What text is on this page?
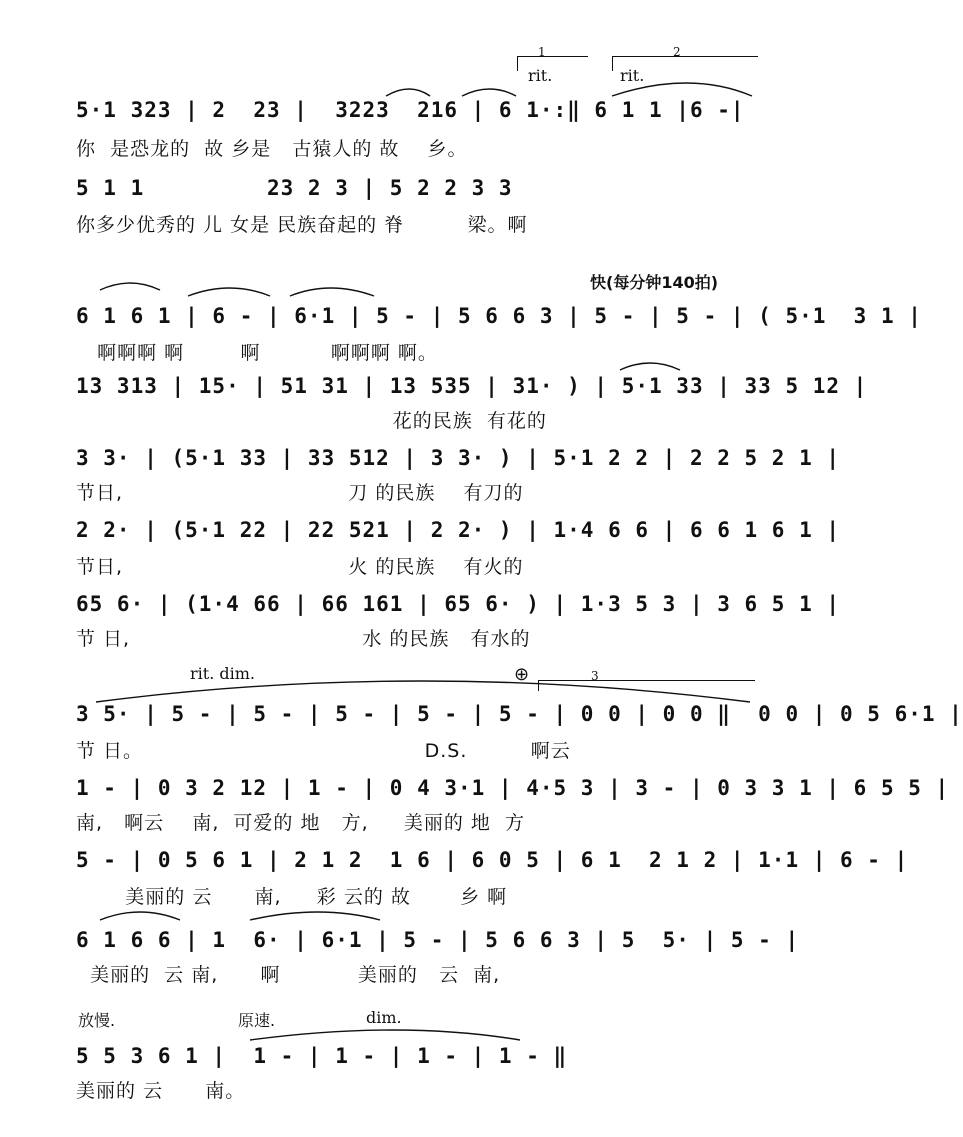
1	2
rit.	rit.
5·1 323 | 2  23 |  3223  216 | 6 1·:‖ 6 1 1 |6 -|
你  是恐龙的  故 乡是   古猿人的 故    乡。
5 1 1         23 2 3 | 5 2 2 3 3
你多少优秀的 儿 女是 民族奋起的 脊         梁。啊
快(每分钟140拍)
6 1 6 1 | 6 - | 6·1 | 5 - | 5 6 6 3 | 5 - | 5 - | ( 5·1  3 1 |
啊啊啊 啊        啊          啊啊啊 啊。
13 313 | 15· | 51 31 | 13 535 | 31· ) | 5·1 33 | 33 5 12 |
花的民族  有花的
3 3· | (5·1 33 | 33 512 | 3 3· ) | 5·1 2 2 | 2 2 5 2 1 |
节日,                                刀 的民族    有刀的
2 2· | (5·1 22 | 22 521 | 2 2· ) | 1·4 6 6 | 6 6 1 6 1 |
节日,                                火 的民族    有火的
65 6· | (1·4 66 | 66 161 | 65 6· ) | 1·3 5 3 | 3 6 5 1 |
节 日,                                 水 的民族   有水的
rit. dim.	⊕	3
3 5· | 5 - | 5 - | 5 - | 5 - | 5 - | 0 0 | 0 0 ‖  0 0 | 0 5 6·1 |
节 日。                                        D.S.         啊云
1 - | 0 3 2 12 | 1 - | 0 4 3·1 | 4·5 3 | 3 - | 0 3 3 1 | 6 5 5 |
南,   啊云    南,  可爱的 地   方,     美丽的 地  方
5 - | 0 5 6 1 | 2 1 2  1 6 | 6 0 5 | 6 1  2 1 2 | 1·1 | 6 - |
美丽的 云      南,     彩 云的 故       乡 啊
6 1 6 6 | 1  6· | 6·1 | 5 - | 5 6 6 3 | 5  5· | 5 - |
美丽的  云 南,      啊           美丽的   云  南,
放慢.	原速.	dim.
5 5 3 6 1 |  1 - | 1 - | 1 - | 1 - ‖
美丽的 云      南。
